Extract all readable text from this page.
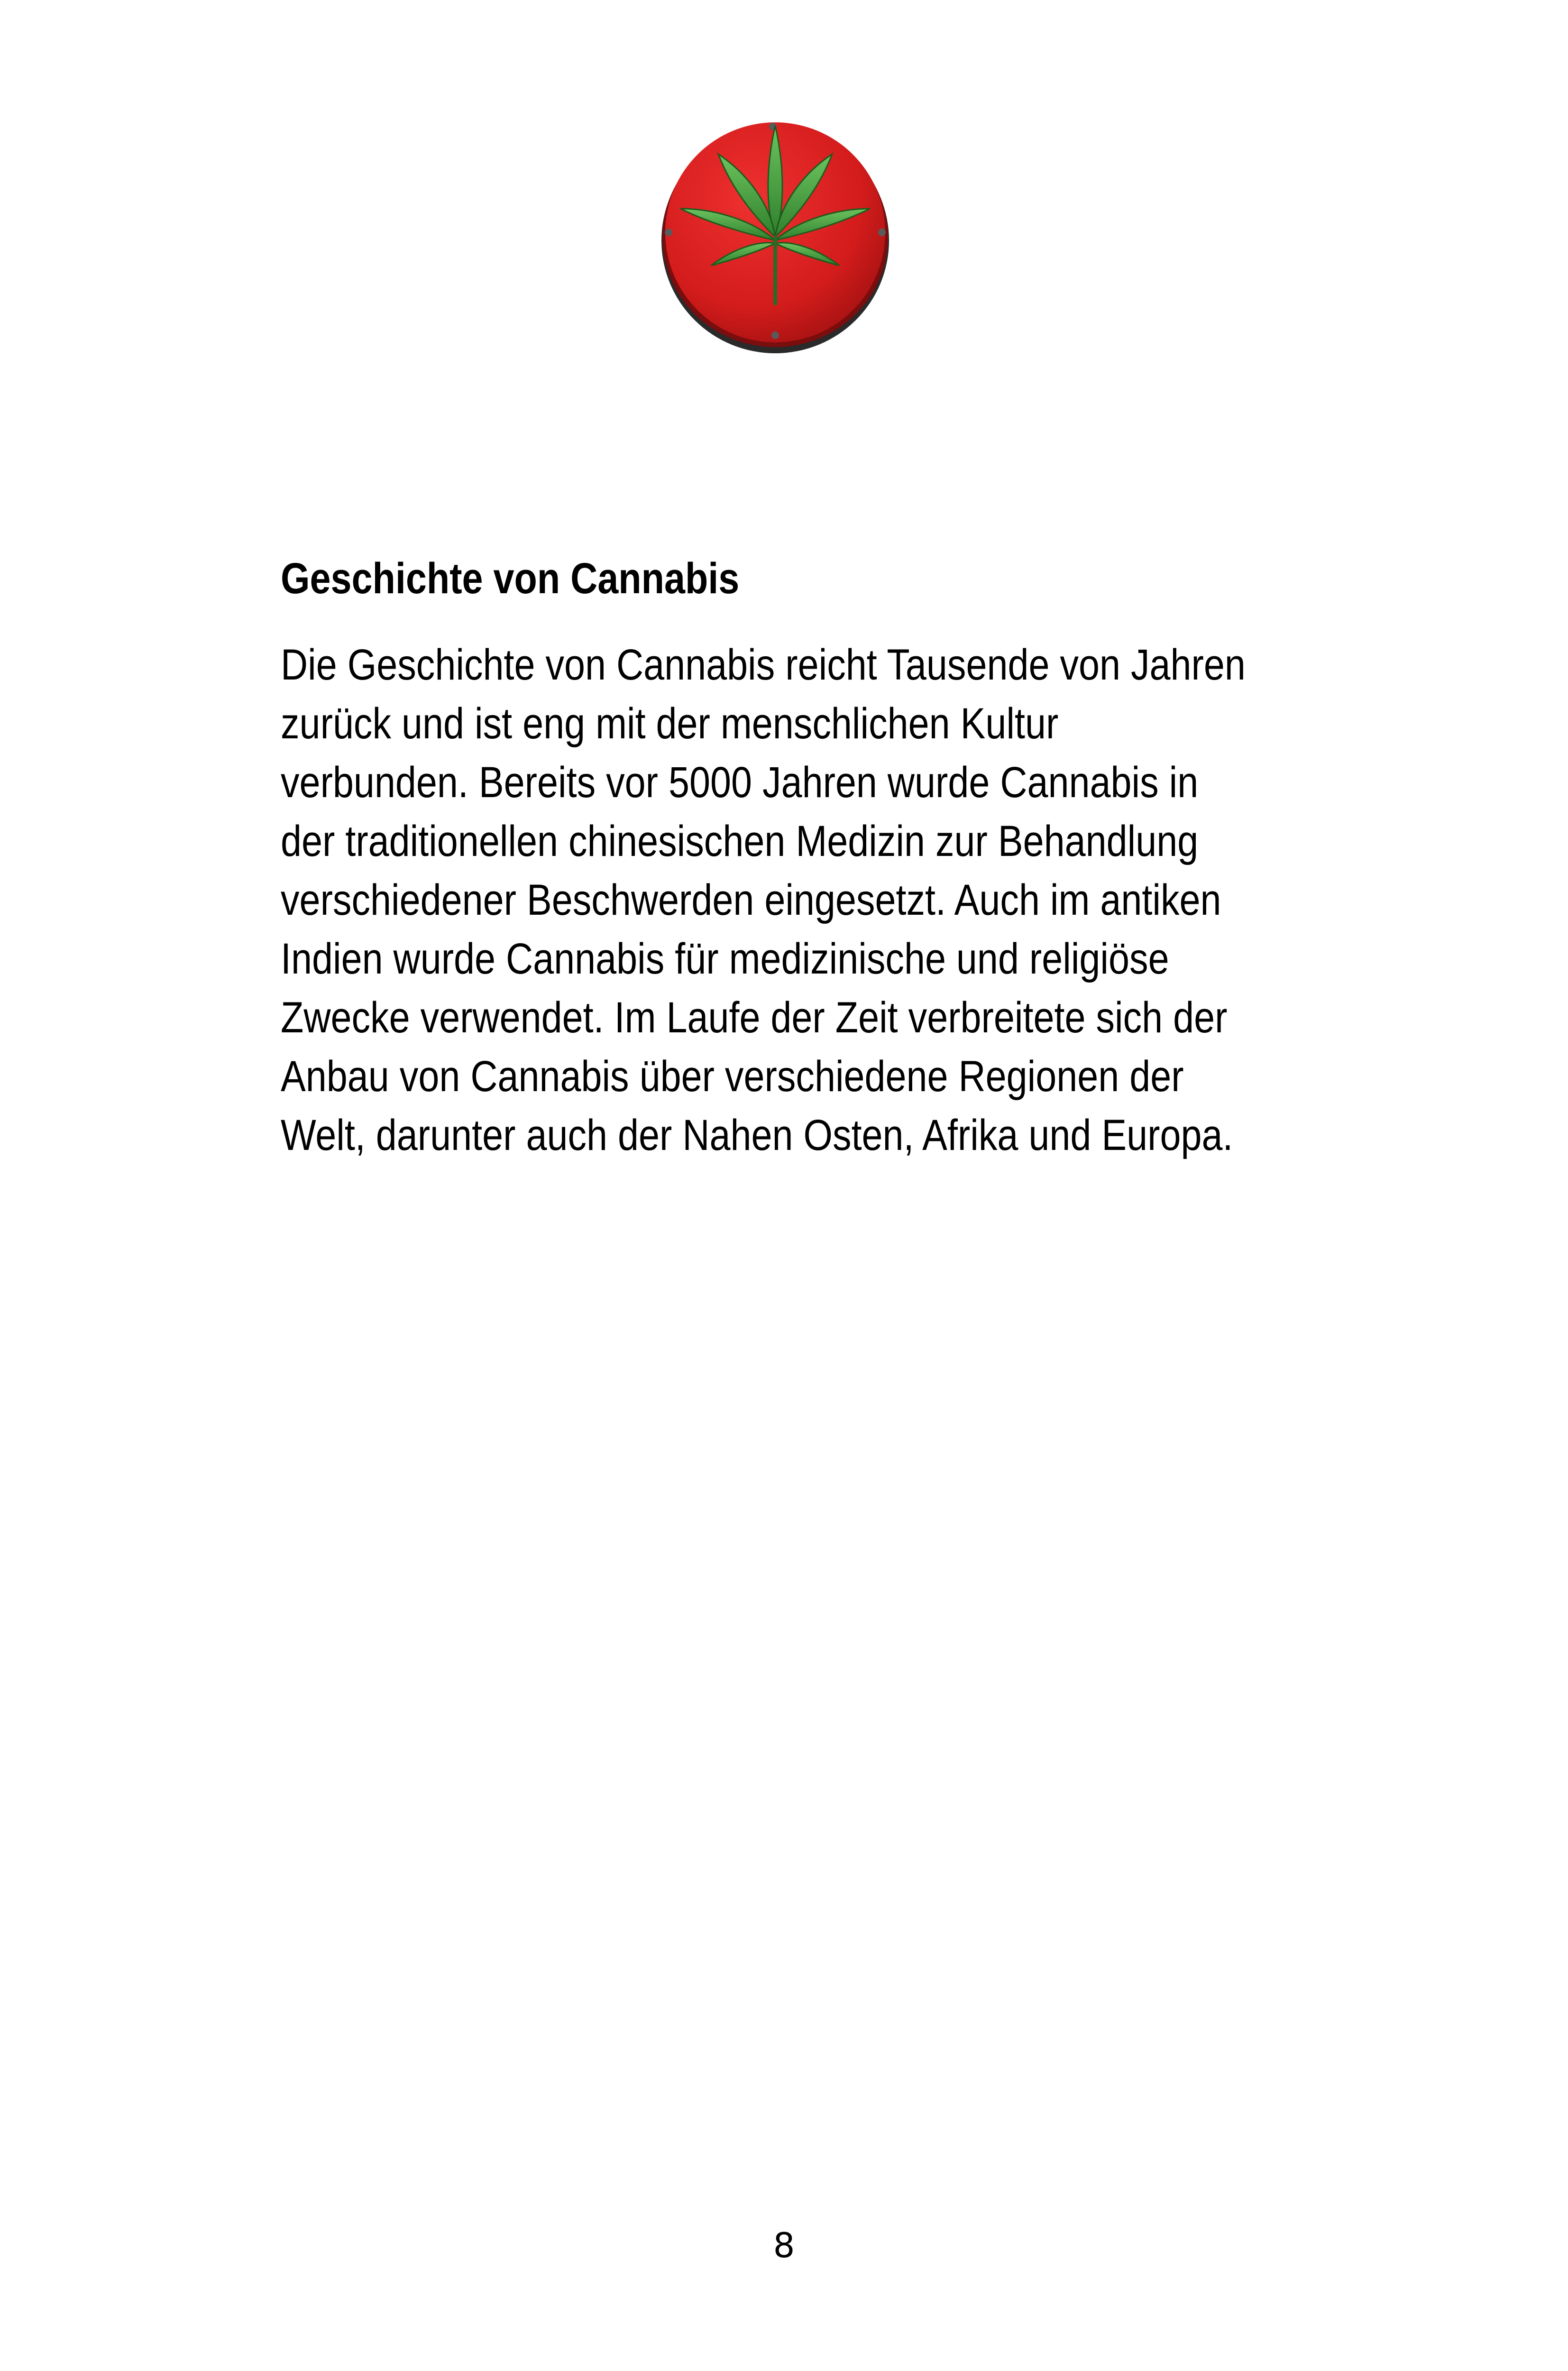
Geschichte von Cannabis

Die Geschichte von Cannabis reicht Tausende von Jahren
zurück und ist eng mit der menschlichen Kultur
verbunden. Bereits vor 5000 Jahren wurde Cannabis in
der traditionellen chinesischen Medizin zur Behandlung
verschiedener Beschwerden eingesetzt. Auch im antiken
Indien wurde Cannabis für medizinische und religiöse
Zwecke verwendet. Im Laufe der Zeit verbreitete sich der
Anbau von Cannabis über verschiedene Regionen der
Welt, darunter auch der Nahen Osten, Afrika und Europa.

8
